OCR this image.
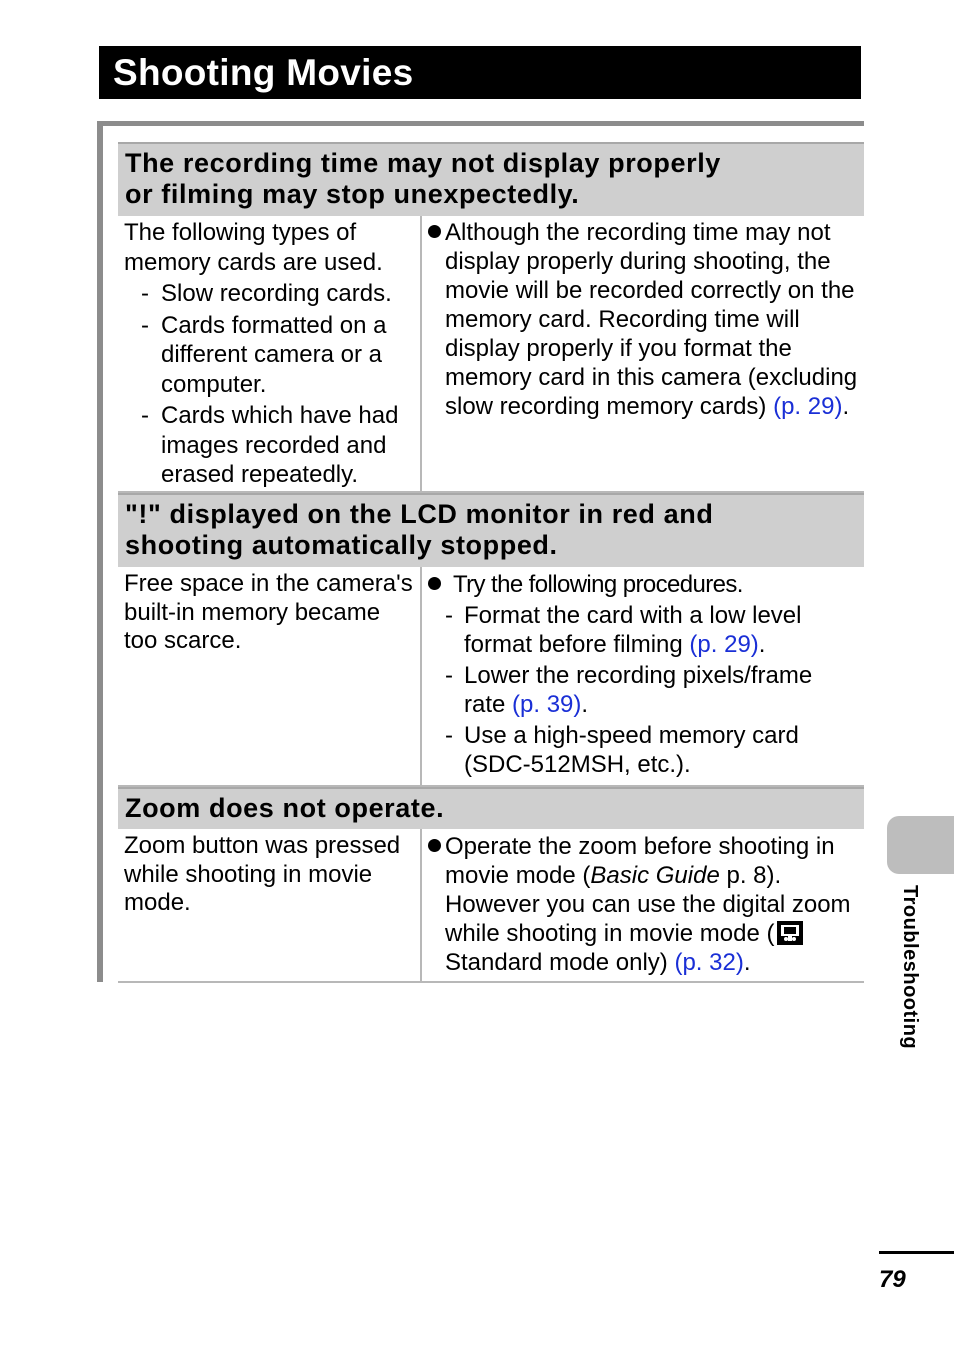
Shooting Movies
The recording time may not display properly
or filming may stop unexpectedly.

The following types of memory cards are used.

- Slow recording cards.

- Cards formatted on a different camera or a computer.

- Cards which have had images recorded and erased repeatedly.

Although the recording time may not display properly during shooting, the movie will be recorded correctly on the memory card. Recording time will display properly if you format the memory card in this camera (excluding slow recording memory cards) (p. 29).

"!" displayed on the LCD monitor in red and
shooting automatically stopped.

Free space in the camera's built-in memory became too scarce.

Try the following procedures.

- Format the card with a low level format before filming (p. 29).

- Lower the recording pixels/frame rate (p. 39).

- Use a high-speed memory card (SDC-512MSH, etc.).

Zoom does not operate.

Zoom button was pressed while shooting in movie mode.

Operate the zoom before shooting in movie mode (Basic Guide p. 8). However you can use the digital zoom while shooting in movie mode ( Standard mode only) (p. 32).	Troubleshooting
79
